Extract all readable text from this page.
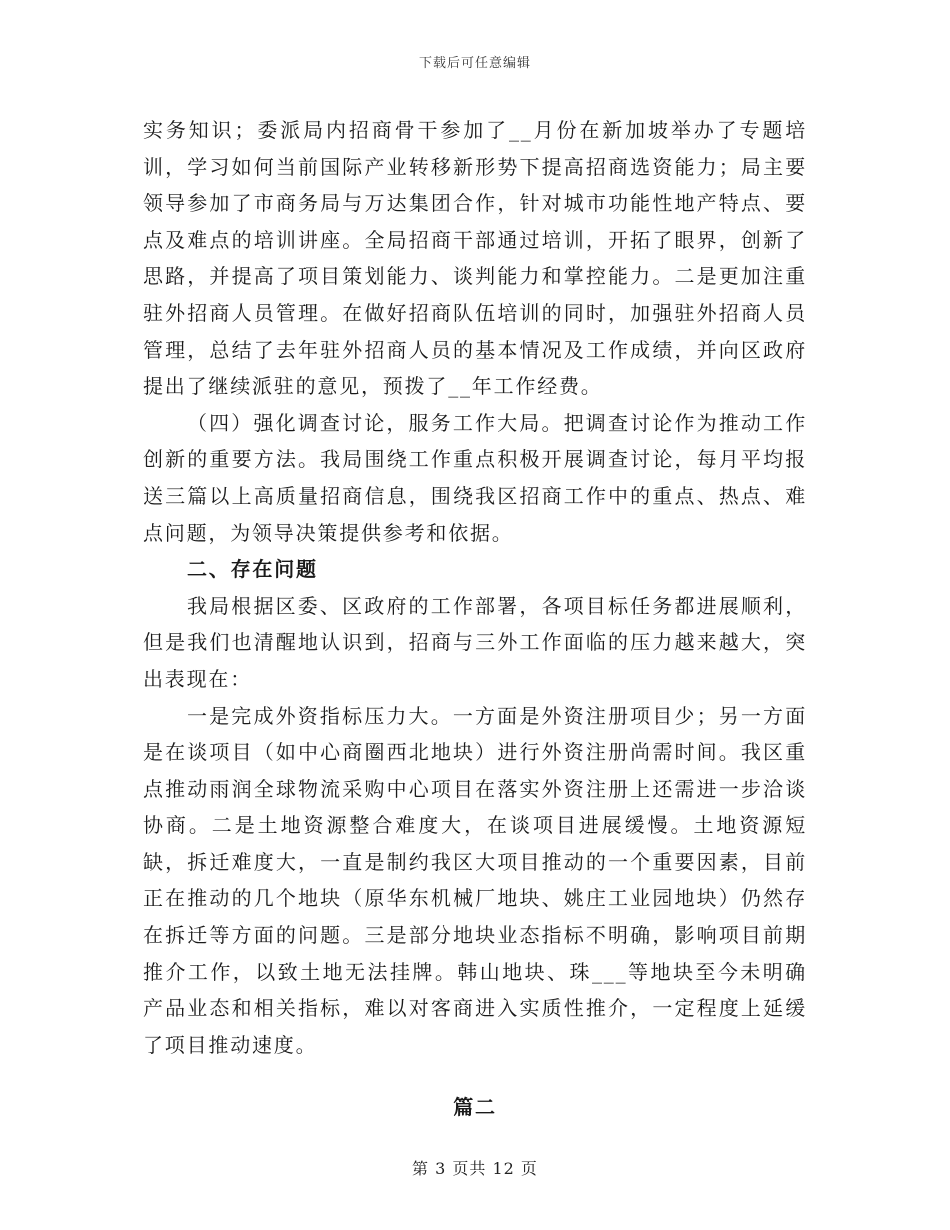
下载后可任意编辑

实务知识；委派局内招商骨干参加了__月份在新加坡举办了专题培训，学习如何当前国际产业转移新形势下提高招商选资能力；局主要领导参加了市商务局与万达集团合作，针对城市功能性地产特点、要点及难点的培训讲座。全局招商干部通过培训，开拓了眼界，创新了思路，并提高了项目策划能力、谈判能力和掌控能力。二是更加注重驻外招商人员管理。在做好招商队伍培训的同时，加强驻外招商人员管理，总结了去年驻外招商人员的基本情况及工作成绩，并向区政府提出了继续派驻的意见，预拨了__年工作经费。

（四）强化调查讨论，服务工作大局。把调查讨论作为推动工作创新的重要方法。我局围绕工作重点积极开展调查讨论，每月平均报送三篇以上高质量招商信息，围绕我区招商工作中的重点、热点、难点问题，为领导决策提供参考和依据。

二、存在问题

我局根据区委、区政府的工作部署，各项目标任务都进展顺利，但是我们也清醒地认识到，招商与三外工作面临的压力越来越大，突出表现在：

一是完成外资指标压力大。一方面是外资注册项目少；另一方面是在谈项目（如中心商圈西北地块）进行外资注册尚需时间。我区重点推动雨润全球物流采购中心项目在落实外资注册上还需进一步洽谈协商。二是土地资源整合难度大，在谈项目进展缓慢。土地资源短缺，拆迁难度大，一直是制约我区大项目推动的一个重要因素，目前正在推动的几个地块（原华东机械厂地块、姚庄工业园地块）仍然存在拆迁等方面的问题。三是部分地块业态指标不明确，影响项目前期推介工作，以致土地无法挂牌。韩山地块、珠___等地块至今未明确产品业态和相关指标，难以对客商进入实质性推介，一定程度上延缓了项目推动速度。

篇二

第 3 页共 12 页
